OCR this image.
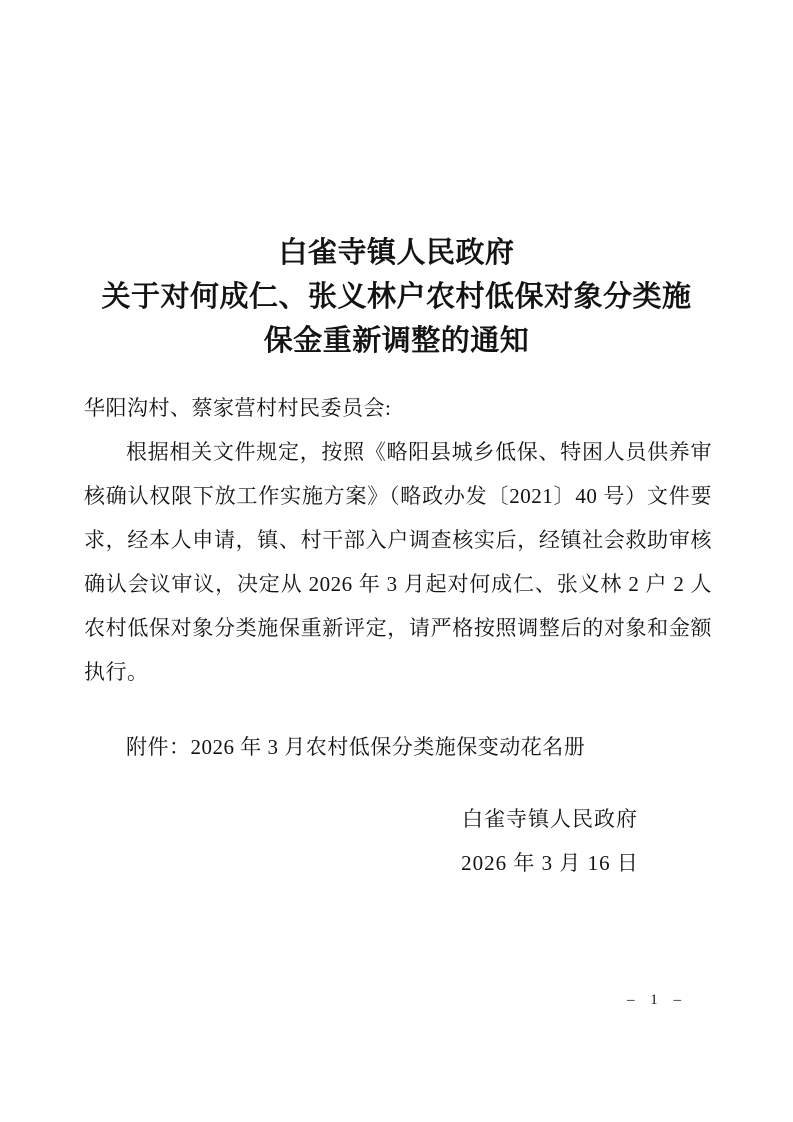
白雀寺镇人民政府
关于对何成仁、张义林户农村低保对象分类施
保金重新调整的通知

华阳沟村、蔡家营村村民委员会:

根据相关文件规定，按照《略阳县城乡低保、特困人员供养审核确认权限下放工作实施方案》（略政办发〔2021〕40 号）文件要求，经本人申请，镇、村干部入户调查核实后，经镇社会救助审核确认会议审议，决定从 2026 年 3 月起对何成仁、张义林 2 户 2 人农村低保对象分类施保重新评定，请严格按照调整后的对象和金额执行。

附件：2026 年 3 月农村低保分类施保变动花名册

白雀寺镇人民政府
2026 年 3 月 16 日
– 1 –
